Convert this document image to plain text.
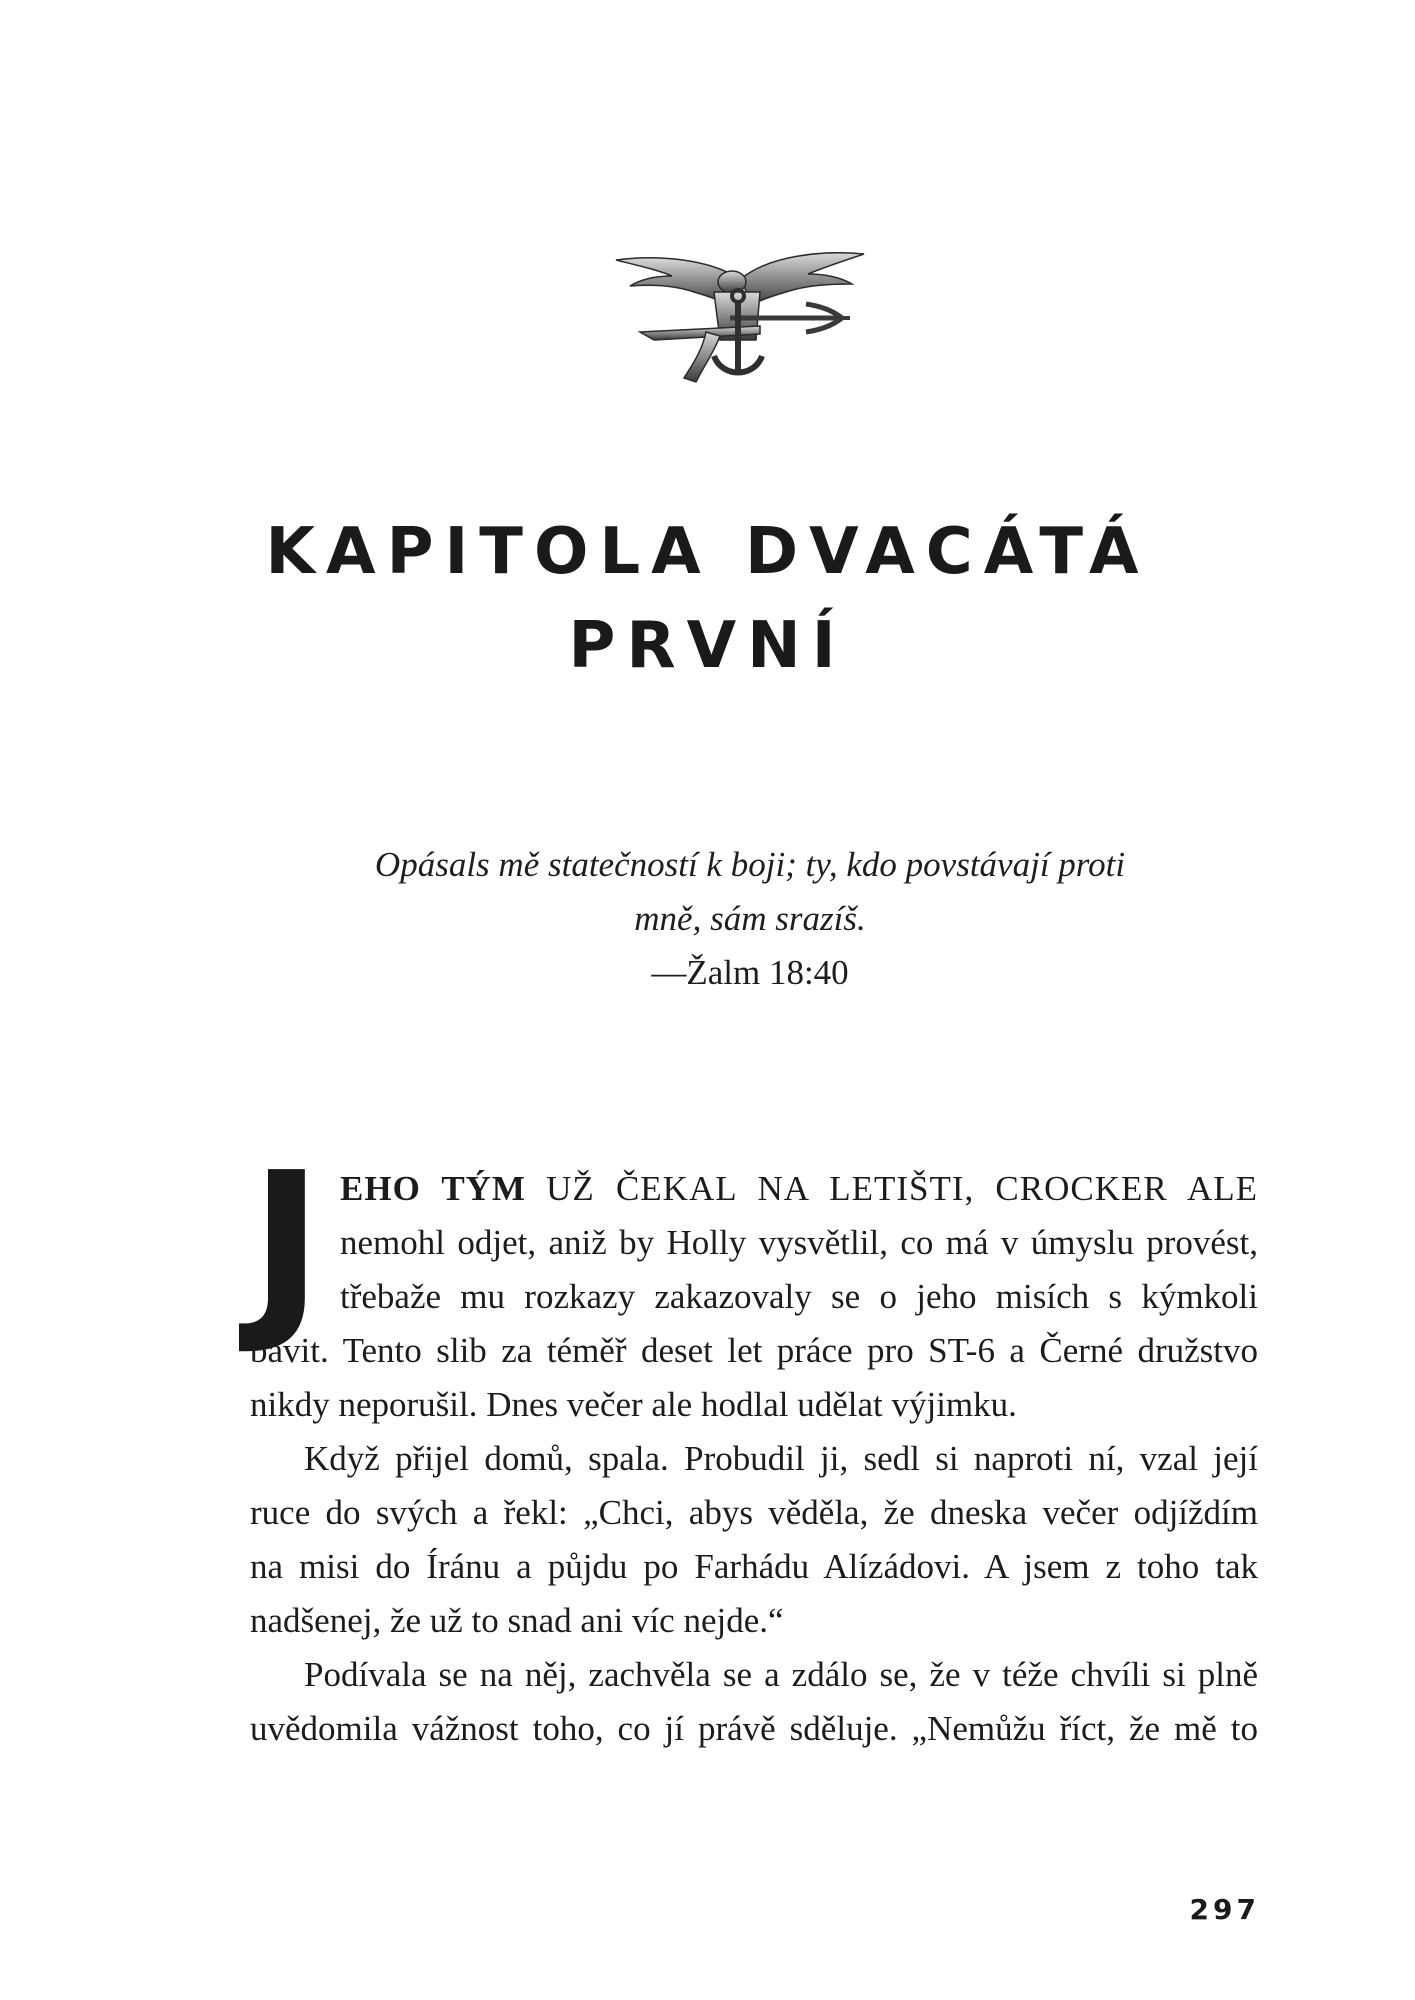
KAPITOLA DVACÁTÁ
PRVNÍ
Opásals mě statečností k boji; ty, kdo povstávají proti
mně, sám srazíš.
—Žalm 18:40
J EHO TÝM UŽ ČEKAL NA LETIŠTI, CROCKER ALE
nemohl odjet, aniž by Holly vysvětlil, co má v úmyslu provést,
třebaže mu rozkazy zakazovaly se o jeho misích s kýmkoli
bavit. Tento slib za téměř deset let práce pro ST-6 a Černé družstvo
nikdy neporušil. Dnes večer ale hodlal udělat výjimku.
Když přijel domů, spala. Probudil ji, sedl si naproti ní, vzal její
ruce do svých a řekl: „Chci, abys věděla, že dneska večer odjíždím
na misi do Íránu a půjdu po Farhádu Alízádovi. A jsem z toho tak
nadšenej, že už to snad ani víc nejde.“
Podívala se na něj, zachvěla se a zdálo se, že v téže chvíli si plně
uvědomila vážnost toho, co jí právě sděluje. „Nemůžu říct, že mě to
297
